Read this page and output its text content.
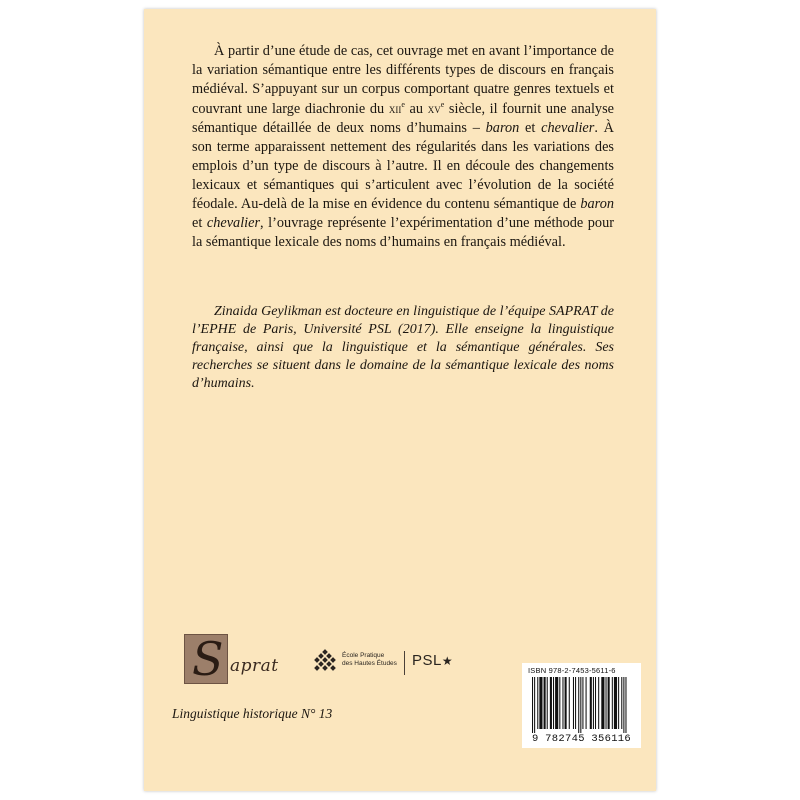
À partir d’une étude de cas, cet ouvrage met en avant l’importance de la variation sémantique entre les différents types de discours en français médiéval. S’appuyant sur un corpus comportant quatre genres textuels et couvrant une large diachronie du xii$^e$ au $xv^e$ siècle, il fournit une analyse sémantique détaillée de deux noms d’humains – baron et chevalier. À son terme apparaissent nettement des régularités dans les variations des emplois d’un type de discours à l’autre. Il en découle des changements lexicaux et sémantiques qui s’articulent avec l’évolution de la société féodale. Au-delà de la mise en évidence du contenu sémantique de baron et chevalier, l’ouvrage représente l’expérimentation d’une méthode pour la sémantique lexicale des noms d’humains en français médiéval.

Zinaida Geylikman est docteure en linguistique de l’équipe SAPRAT de l’EPHE de Paris, Université PSL (2017). Elle enseigne la linguistique française, ainsi que la linguistique et la sémantique générales. Ses recherches se situent dans le domaine de la sémantique lexicale des noms d’humains.

S aprat
École Pratique
des Hautes Études PSL★
Linguistique historique N° 13
ISBN 978-2-7453-5611-6
9 782745 356116
